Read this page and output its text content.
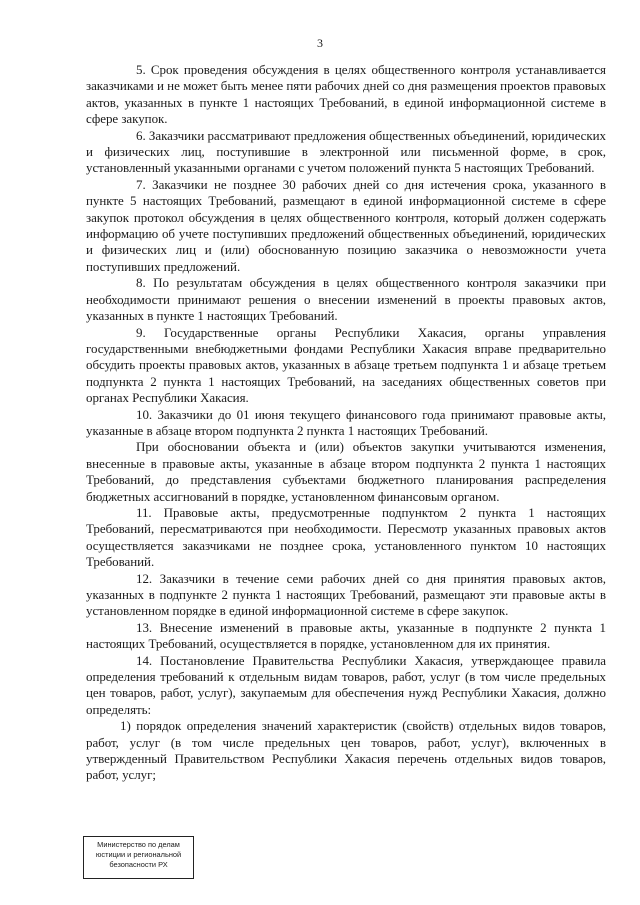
3

5. Срок проведения обсуждения в целях общественного контроля устанавливается заказчиками и не может быть менее пяти рабочих дней со дня размещения проектов правовых актов, указанных в пункте 1 настоящих Требований, в единой информационной системе в сфере закупок.

6. Заказчики рассматривают предложения общественных объединений, юридических и физических лиц, поступившие в электронной или письменной форме, в срок, установленный указанными органами с учетом положений пункта 5 настоящих Требований.

7. Заказчики не позднее 30 рабочих дней со дня истечения срока, указанного в пункте 5 настоящих Требований, размещают в единой информационной системе в сфере закупок протокол обсуждения в целях общественного контроля, который должен содержать информацию об учете поступивших предложений общественных объединений, юридических и физических лиц и (или) обоснованную позицию заказчика о невозможности учета поступивших предложений.

8. По результатам обсуждения в целях общественного контроля заказчики при необходимости принимают решения о внесении изменений в проекты правовых актов, указанных в пункте 1 настоящих Требований.

9. Государственные органы Республики Хакасия, органы управления государственными внебюджетными фондами Республики Хакасия вправе предварительно обсудить проекты правовых актов, указанных в абзаце третьем подпункта 1 и абзаце третьем подпункта 2 пункта 1 настоящих Требований, на заседаниях общественных советов при органах Республики Хакасия.

10. Заказчики до 01 июня текущего финансового года принимают правовые акты, указанные в абзаце втором подпункта 2 пункта 1 настоящих Требований.

При обосновании объекта и (или) объектов закупки учитываются изменения, внесенные в правовые акты, указанные в абзаце втором подпункта 2 пункта 1 настоящих Требований, до представления субъектами бюджетного планирования распределения бюджетных ассигнований в порядке, установленном финансовым органом.

11. Правовые акты, предусмотренные подпунктом 2 пункта 1 настоящих Требований, пересматриваются при необходимости. Пересмотр указанных правовых актов осуществляется заказчиками не позднее срока, установленного пунктом 10 настоящих Требований.

12. Заказчики в течение семи рабочих дней со дня принятия правовых актов, указанных в подпункте 2 пункта 1 настоящих Требований, размещают эти правовые акты в установленном порядке в единой информационной системе в сфере закупок.

13. Внесение изменений в правовые акты, указанные в подпункте 2 пункта 1 настоящих Требований, осуществляется в порядке, установленном для их принятия.

14. Постановление Правительства Республики Хакасия, утверждающее правила определения требований к отдельным видам товаров, работ, услуг (в том числе предельных цен товаров, работ, услуг), закупаемым для обеспечения нужд Республики Хакасия, должно определять:

1) порядок определения значений характеристик (свойств) отдельных видов товаров, работ, услуг (в том числе предельных цен товаров, работ, услуг), включенных в утвержденный Правительством Республики Хакасия перечень отдельных видов товаров, работ, услуг;

Министерство по делам
юстиции и региональной
безопасности РХ
